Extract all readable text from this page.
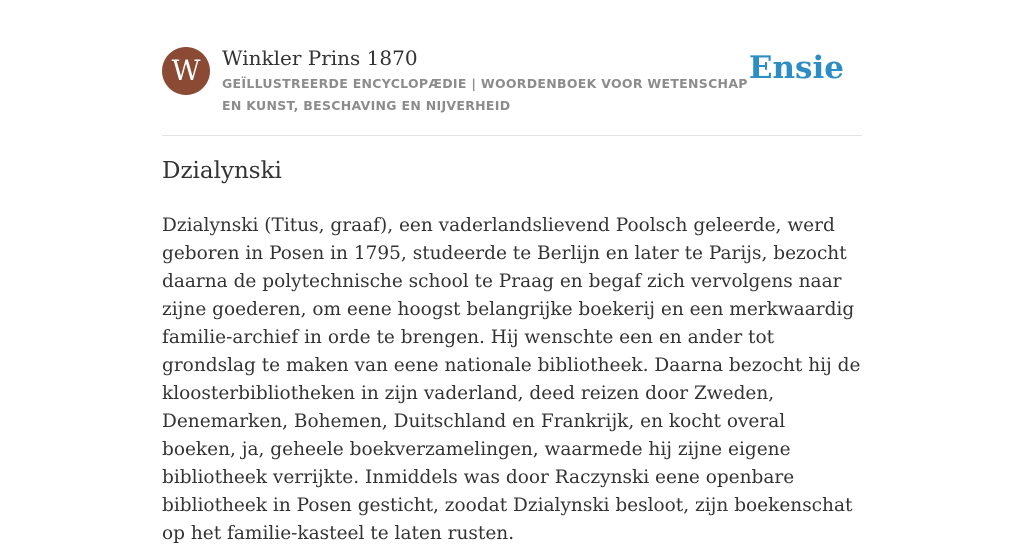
W	Winkler Prins 1870
GEÏLLUSTREERDE ENCYCLOPÆDIE | WOORDENBOEK VOOR WETENSCHAP EN KUNST, BESCHAVING EN NIJVERHEID
Ensie
Dzialynski

Dzialynski (Titus, graaf), een vaderlandslievend Poolsch geleerde, werd geboren in Posen in 1795, studeerde te Berlijn en later te Parijs, bezocht daarna de polytechnische school te Praag en begaf zich vervolgens naar zijne goederen, om eene hoogst belangrijke boekerij en een merkwaardig familie-archief in orde te brengen. Hij wenschte een en ander tot grondslag te maken van eene nationale bibliotheek. Daarna bezocht hij de kloosterbibliotheken in zijn vaderland, deed reizen door Zweden, Denemarken, Bohemen, Duitschland en Frankrijk, en kocht overal boeken, ja, geheele boekverzamelingen, waarmede hij zijne eigene bibliotheek verrijkte. Inmiddels was door Raczynski eene openbare bibliotheek in Posen gesticht, zoodat Dzialynski besloot, zijn boekenschat op het familie-kasteel te laten rusten.
